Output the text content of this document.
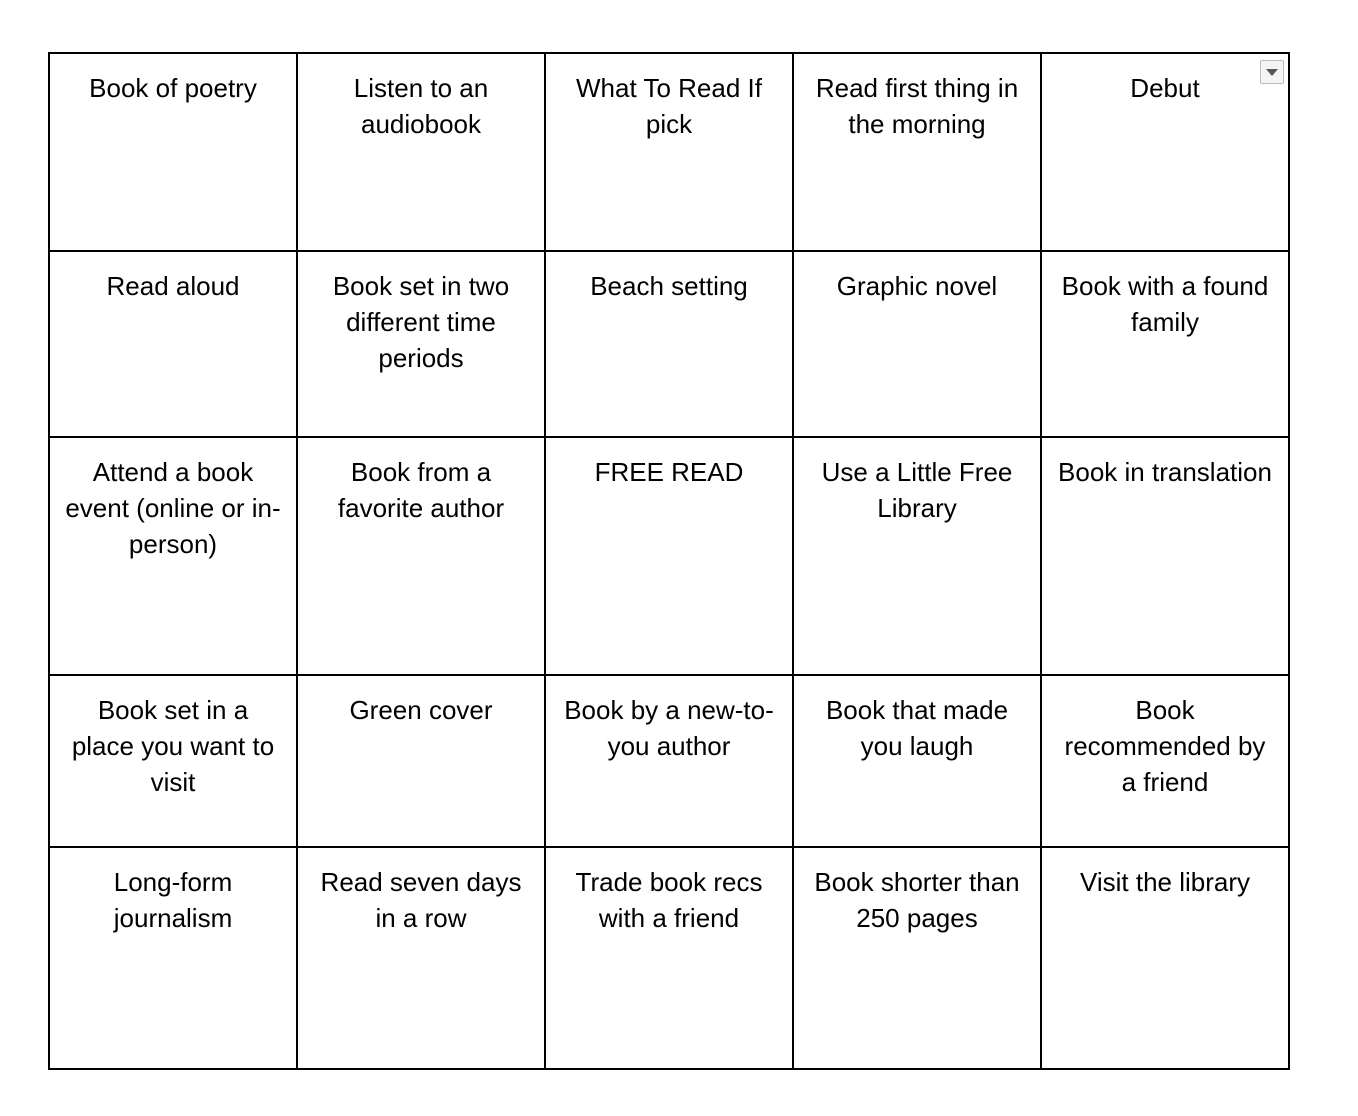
Book of poetry	Listen to an audiobook	What To Read If pick	Read first thing in the morning	Debut

Read aloud	Book set in two different time periods	Beach setting	Graphic novel	Book with a found family

Attend a book event (online or in-person)	Book from a favorite author	FREE READ	Use a Little Free Library	Book in translation

Book set in a place you want to visit	Green cover	Book by a new-to-you author	Book that made you laugh	Book recommended by a friend

Long-form journalism	Read seven days in a row	Trade book recs with a friend	Book shorter than 250 pages	Visit the library
